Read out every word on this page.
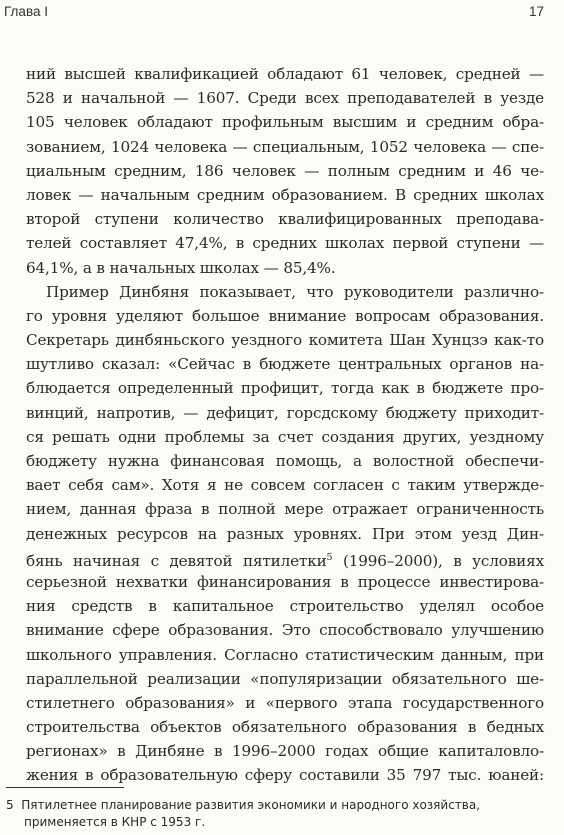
Глава I	17
ний высшей квалификацией обладают 61 человек, средней —
528 и начальной — 1607. Среди всех преподавателей в уезде
105 человек обладают профильным высшим и средним обра-
зованием, 1024 человека — специальным, 1052 человека — спе-
циальным средним, 186 человек — полным средним и 46 че-
ловек — начальным средним образованием. В средних школах
второй ступени количество квалифицированных преподава-
телей составляет 47,4%, в средних школах первой ступени —
64,1%, а в начальных школах — 85,4%.
Пример Динбяня показывает, что руководители различно-
го уровня уделяют большое внимание вопросам образования.
Секретарь динбяньского уездного комитета Шан Хунцзэ как-то
шутливо сказал: «Сейчас в бюджете центральных органов на-
блюдается определенный профицит, тогда как в бюджете про-
винций, напротив, — дефицит, горсдскому бюджету приходит-
ся решать одни проблемы за счет создания других, уездному
бюджету нужна финансовая помощь, а волостной обеспечи-
вает себя сам». Хотя я не совсем согласен с таким утвержде-
нием, данная фраза в полной мере отражает ограниченность
денежных ресурсов на разных уровнях. При этом уезд Дин-
бянь начиная с девятой пятилетки$^5$ (1996–2000), в условиях
серьезной нехватки финансирования в процессе инвестирова-
ния средств в капитальное строительство уделял особое
внимание сфере образования. Это способствовало улучшению
школьного управления. Согласно статистическим данным, при
параллельной реализации «популяризации обязательного ше-
стилетнего образования» и «первого этапа государственного
строительства объектов обязательного образования в бедных
регионах» в Динбяне в 1996–2000 годах общие капиталовло-
жения в образовательную сферу составили 35 797 тыс. юаней:
5 Пятилетнее планирование развития экономики и народного хозяйства,
применяется в КНР с 1953 г.
